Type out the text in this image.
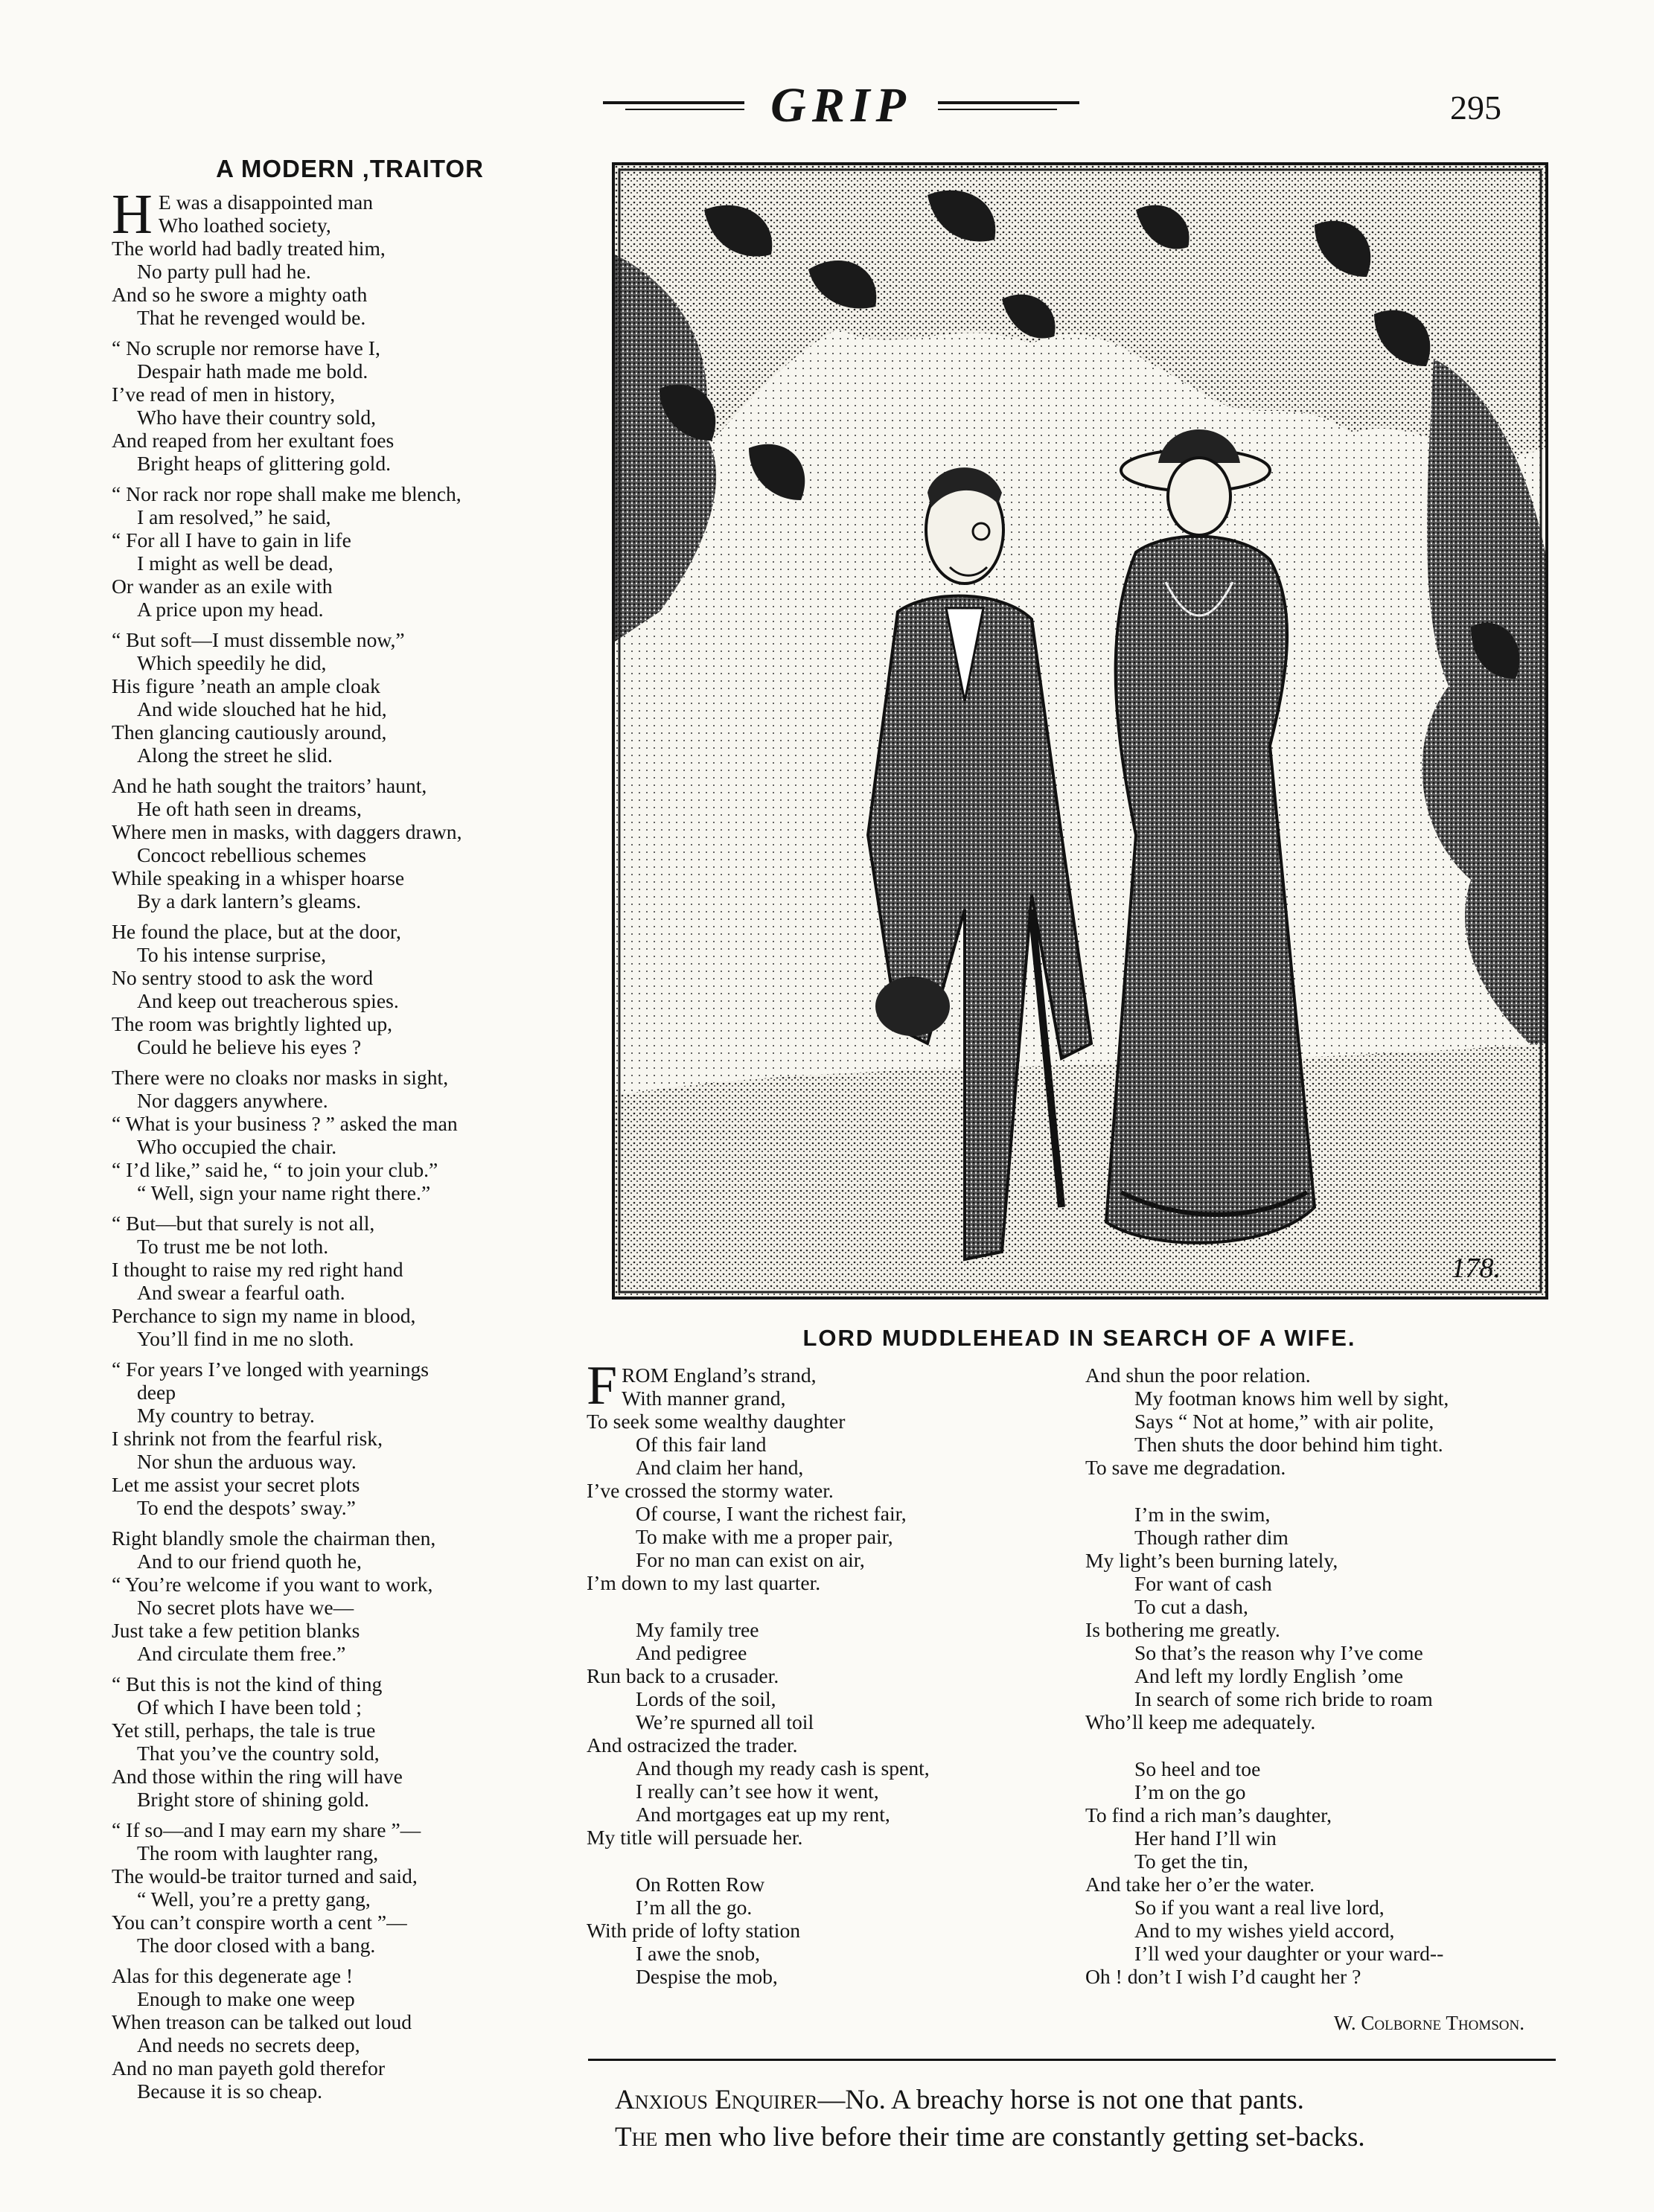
GRIP	295
A MODERN ‚TRAITOR
H E was a disappointed man
Who loathed society,
The world had badly treated him,
No party pull had he.
And so he swore a mighty oath
That he revenged would be.
“ No scruple nor remorse have I,
Despair hath made me bold.
I’ve read of men in history,
Who have their country sold,
And reaped from her exultant foes
Bright heaps of glittering gold.
“ Nor rack nor rope shall make me blench,
I am resolved,” he said,
“ For all I have to gain in life
I might as well be dead,
Or wander as an exile with
A price upon my head.
“ But soft—I must dissemble now,”
Which speedily he did,
His figure ’neath an ample cloak
And wide slouched hat he hid,
Then glancing cautiously around,
Along the street he slid.
And he hath sought the traitors’ haunt,
He oft hath seen in dreams,
Where men in masks, with daggers drawn,
Concoct rebellious schemes
While speaking in a whisper hoarse
By a dark lantern’s gleams.
He found the place, but at the door,
To his intense surprise,
No sentry stood to ask the word
And keep out treacherous spies.
The room was brightly lighted up,
Could he believe his eyes ?
There were no cloaks nor masks in sight,
Nor daggers anywhere.
“ What is your business ? ” asked the man
Who occupied the chair.
“ I’d like,” said he, “ to join your club.”
“ Well, sign your name right there.”
“ But—but that surely is not all,
To trust me be not loth.
I thought to raise my red right hand
And swear a fearful oath.
Perchance to sign my name in blood,
You’ll find in me no sloth.
“ For years I’ve longed with yearnings
deep
My country to betray.
I shrink not from the fearful risk,
Nor shun the arduous way.
Let me assist your secret plots
To end the despots’ sway.”
Right blandly smole the chairman then,
And to our friend quoth he,
“ You’re welcome if you want to work,
No secret plots have we—
Just take a few petition blanks
And circulate them free.”
“ But this is not the kind of thing
Of which I have been told ;
Yet still, perhaps, the tale is true
That you’ve the country sold,
And those within the ring will have
Bright store of shining gold.
“ If so—and I may earn my share ”—
The room with laughter rang,
The would-be traitor turned and said,
“ Well, you’re a pretty gang,
You can’t conspire worth a cent ”—
The door closed with a bang.
Alas for this degenerate age !
Enough to make one weep
When treason can be talked out loud
And needs no secrets deep,
And no man payeth gold therefor
Because it is so cheap.
178.
LORD MUDDLEHEAD IN SEARCH OF A WIFE.
F ROM England’s strand,
With manner grand,
To seek some wealthy daughter
Of this fair land
And claim her hand,
I’ve crossed the stormy water.
Of course, I want the richest fair,
To make with me a proper pair,
For no man can exist on air,
I’m down to my last quarter.
My family tree
And pedigree
Run back to a crusader.
Lords of the soil,
We’re spurned all toil
And ostracized the trader.
And though my ready cash is spent,
I really can’t see how it went,
And mortgages eat up my rent,
My title will persuade her.
On Rotten Row
I’m all the go.
With pride of lofty station
I awe the snob,
Despise the mob,
And shun the poor relation.
My footman knows him well by sight,
Says “ Not at home,” with air polite,
Then shuts the door behind him tight.
To save me degradation.
I’m in the swim,
Though rather dim
My light’s been burning lately,
For want of cash
To cut a dash,
Is bothering me greatly.
So that’s the reason why I’ve come
And left my lordly English ’ome
In search of some rich bride to roam
Who’ll keep me adequately.
So heel and toe
I’m on the go
To find a rich man’s daughter,
Her hand I’ll win
To get the tin,
And take her o’er the water.
So if you want a real live lord,
And to my wishes yield accord,
I’ll wed your daughter or your ward--
Oh ! don’t I wish I’d caught her ?
W. Colborne Thomson.
Anxious Enquirer—No. A breachy horse is not one that pants.
The men who live before their time are constantly getting set-backs.
